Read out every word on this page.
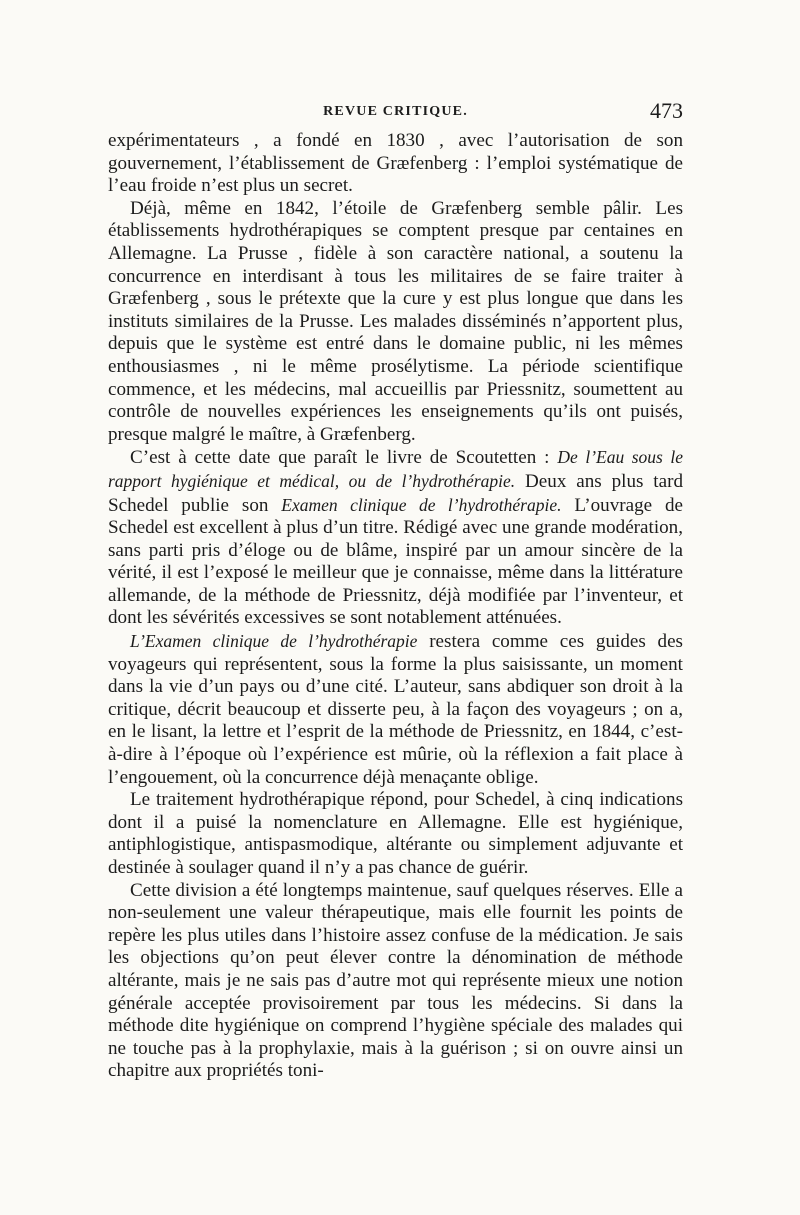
REVUE CRITIQUE.	473

expérimentateurs , a fondé en 1830 , avec l’autorisation de son gouvernement, l’établissement de Græfenberg : l’emploi systématique de l’eau froide n’est plus un secret.

Déjà, même en 1842, l’étoile de Græfenberg semble pâlir. Les établissements hydrothérapiques se comptent presque par centaines en Allemagne. La Prusse , fidèle à son caractère national, a soutenu la concurrence en interdisant à tous les militaires de se faire traiter à Græfenberg , sous le prétexte que la cure y est plus longue que dans les instituts similaires de la Prusse. Les malades disséminés n’apportent plus, depuis que le système est entré dans le domaine public, ni les mêmes enthousiasmes , ni le même prosélytisme. La période scientifique commence, et les médecins, mal accueillis par Priessnitz, soumettent au contrôle de nouvelles expériences les enseignements qu’ils ont puisés, presque malgré le maître, à Græfenberg.

C’est à cette date que paraît le livre de Scoutetten : De l’Eau sous le rapport hygiénique et médical, ou de l’hydrothérapie. Deux ans plus tard Schedel publie son Examen clinique de l’hydrothérapie. L’ouvrage de Schedel est excellent à plus d’un titre. Rédigé avec une grande modération, sans parti pris d’éloge ou de blâme, inspiré par un amour sincère de la vérité, il est l’exposé le meilleur que je connaisse, même dans la littérature allemande, de la méthode de Priessnitz, déjà modifiée par l’inventeur, et dont les sévérités excessives se sont notablement atténuées.

L’Examen clinique de l’hydrothérapie restera comme ces guides des voyageurs qui représentent, sous la forme la plus saisissante, un moment dans la vie d’un pays ou d’une cité. L’auteur, sans abdiquer son droit à la critique, décrit beaucoup et disserte peu, à la façon des voyageurs ; on a, en le lisant, la lettre et l’esprit de la méthode de Priessnitz, en 1844, c’est-à-dire à l’époque où l’expérience est mûrie, où la réflexion a fait place à l’engouement, où la concurrence déjà menaçante oblige.

Le traitement hydrothérapique répond, pour Schedel, à cinq indications dont il a puisé la nomenclature en Allemagne. Elle est hygiénique, antiphlogistique, antispasmodique, altérante ou simplement adjuvante et destinée à soulager quand il n’y a pas chance de guérir.

Cette division a été longtemps maintenue, sauf quelques réserves. Elle a non-seulement une valeur thérapeutique, mais elle fournit les points de repère les plus utiles dans l’histoire assez confuse de la médication. Je sais les objections qu’on peut élever contre la dénomination de méthode altérante, mais je ne sais pas d’autre mot qui représente mieux une notion générale acceptée provisoirement par tous les médecins. Si dans la méthode dite hygiénique on comprend l’hygiène spéciale des malades qui ne touche pas à la prophylaxie, mais à la guérison ; si on ouvre ainsi un chapitre aux propriétés toni-
